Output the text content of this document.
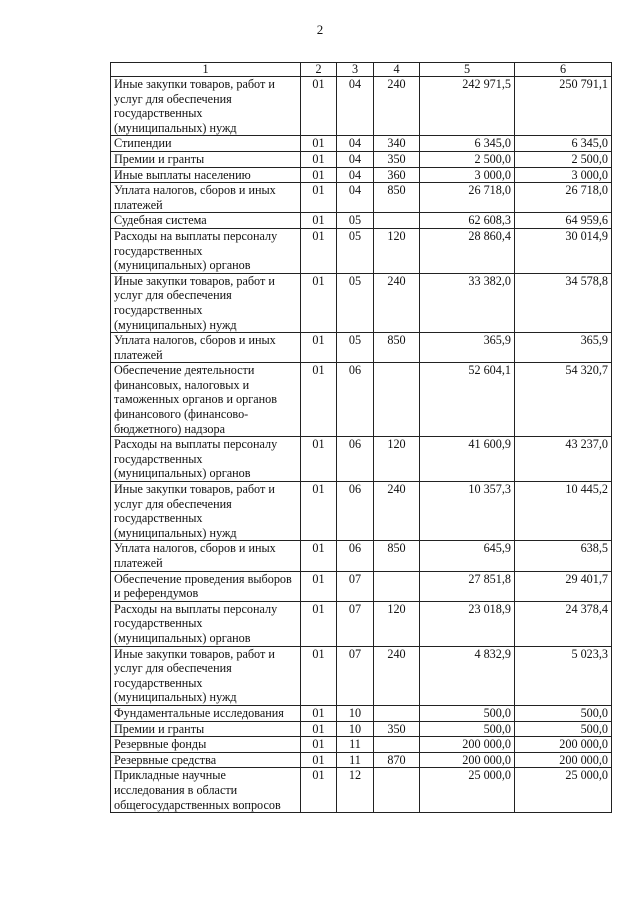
2
1	2	3	4	5	6
Иные закупки товаров, работ и услуг для обеспечения государственных (муниципальных) нужд	01	04	240	242 971,5	250 791,1
Стипендии	01	04	340	6 345,0	6 345,0
Премии и гранты	01	04	350	2 500,0	2 500,0
Иные выплаты населению	01	04	360	3 000,0	3 000,0
Уплата налогов, сборов и иных платежей	01	04	850	26 718,0	26 718,0
Судебная система	01	05		62 608,3	64 959,6
Расходы на выплаты персоналу государственных (муниципальных) органов	01	05	120	28 860,4	30 014,9
Иные закупки товаров, работ и услуг для обеспечения государственных (муниципальных) нужд	01	05	240	33 382,0	34 578,8
Уплата налогов, сборов и иных платежей	01	05	850	365,9	365,9
Обеспечение деятельности финансовых, налоговых и таможенных органов и органов финансового (финансово-бюджетного) надзора	01	06		52 604,1	54 320,7
Расходы на выплаты персоналу государственных (муниципальных) органов	01	06	120	41 600,9	43 237,0
Иные закупки товаров, работ и услуг для обеспечения государственных (муниципальных) нужд	01	06	240	10 357,3	10 445,2
Уплата налогов, сборов и иных платежей	01	06	850	645,9	638,5
Обеспечение проведения выборов и референдумов	01	07		27 851,8	29 401,7
Расходы на выплаты персоналу государственных (муниципальных) органов	01	07	120	23 018,9	24 378,4
Иные закупки товаров, работ и услуг для обеспечения государственных (муниципальных) нужд	01	07	240	4 832,9	5 023,3
Фундаментальные исследования	01	10		500,0	500,0
Премии и гранты	01	10	350	500,0	500,0
Резервные фонды	01	11		200 000,0	200 000,0
Резервные средства	01	11	870	200 000,0	200 000,0
Прикладные научные исследования в области общегосударственных вопросов	01	12		25 000,0	25 000,0
